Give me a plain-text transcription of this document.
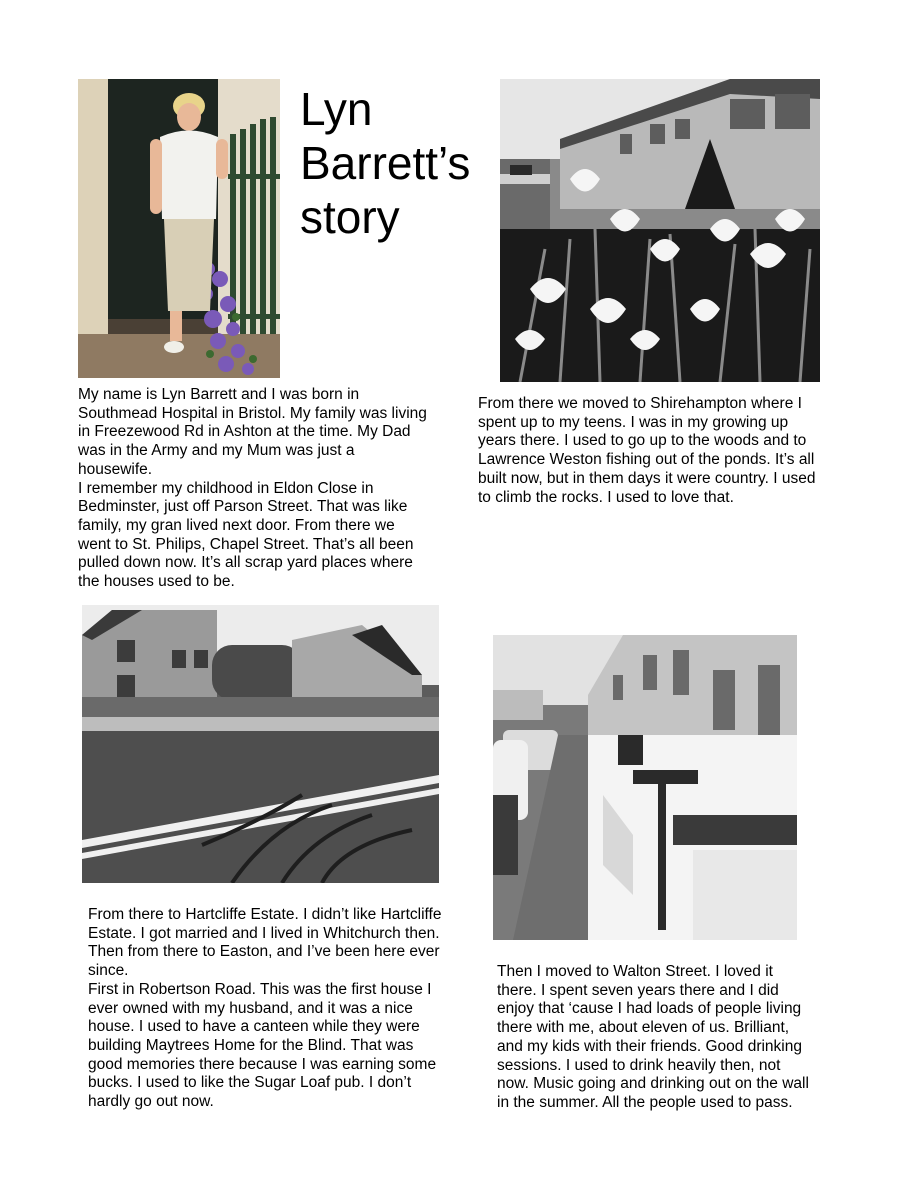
Lyn Barrett’s story

My name is Lyn Barrett and I was born in Southmead Hospital in Bristol. My family was living in Freezewood Rd in Ashton at the time. My Dad was in the Army and my Mum was just a housewife.

I remember my childhood in Eldon Close in Bedminster, just off Parson Street. That was like family, my gran lived next door. From there we went to St. Philips, Chapel Street. That’s all been pulled down now. It’s all scrap yard places where the houses used to be.

From there we moved to Shirehampton where I spent up to my teens. I was in my growing up years there. I used to go up to the woods and to Lawrence Weston fishing out of the ponds. It’s all built now, but in them days it were country. I used to climb the rocks. I used to love that.

From there to Hartcliffe Estate. I didn’t like Hartcliffe Estate. I got married and I lived in Whitchurch then. Then from there to Easton, and I’ve been here ever since.

First in Robertson Road. This was the first house I ever owned with my husband, and it was a nice house. I used to have a canteen while they were building Maytrees Home for the Blind. That was good memories there because I was earning some bucks. I used to like the Sugar Loaf pub. I don’t hardly go out now.

Then I moved to Walton Street. I loved it there. I spent seven years there and I did enjoy that ‘cause I had loads of people living there with me, about eleven of us. Brilliant, and my kids with their friends. Good drinking sessions. I used to drink heavily then, not now. Music going and drinking out on the wall in the summer. All the people used to pass.
